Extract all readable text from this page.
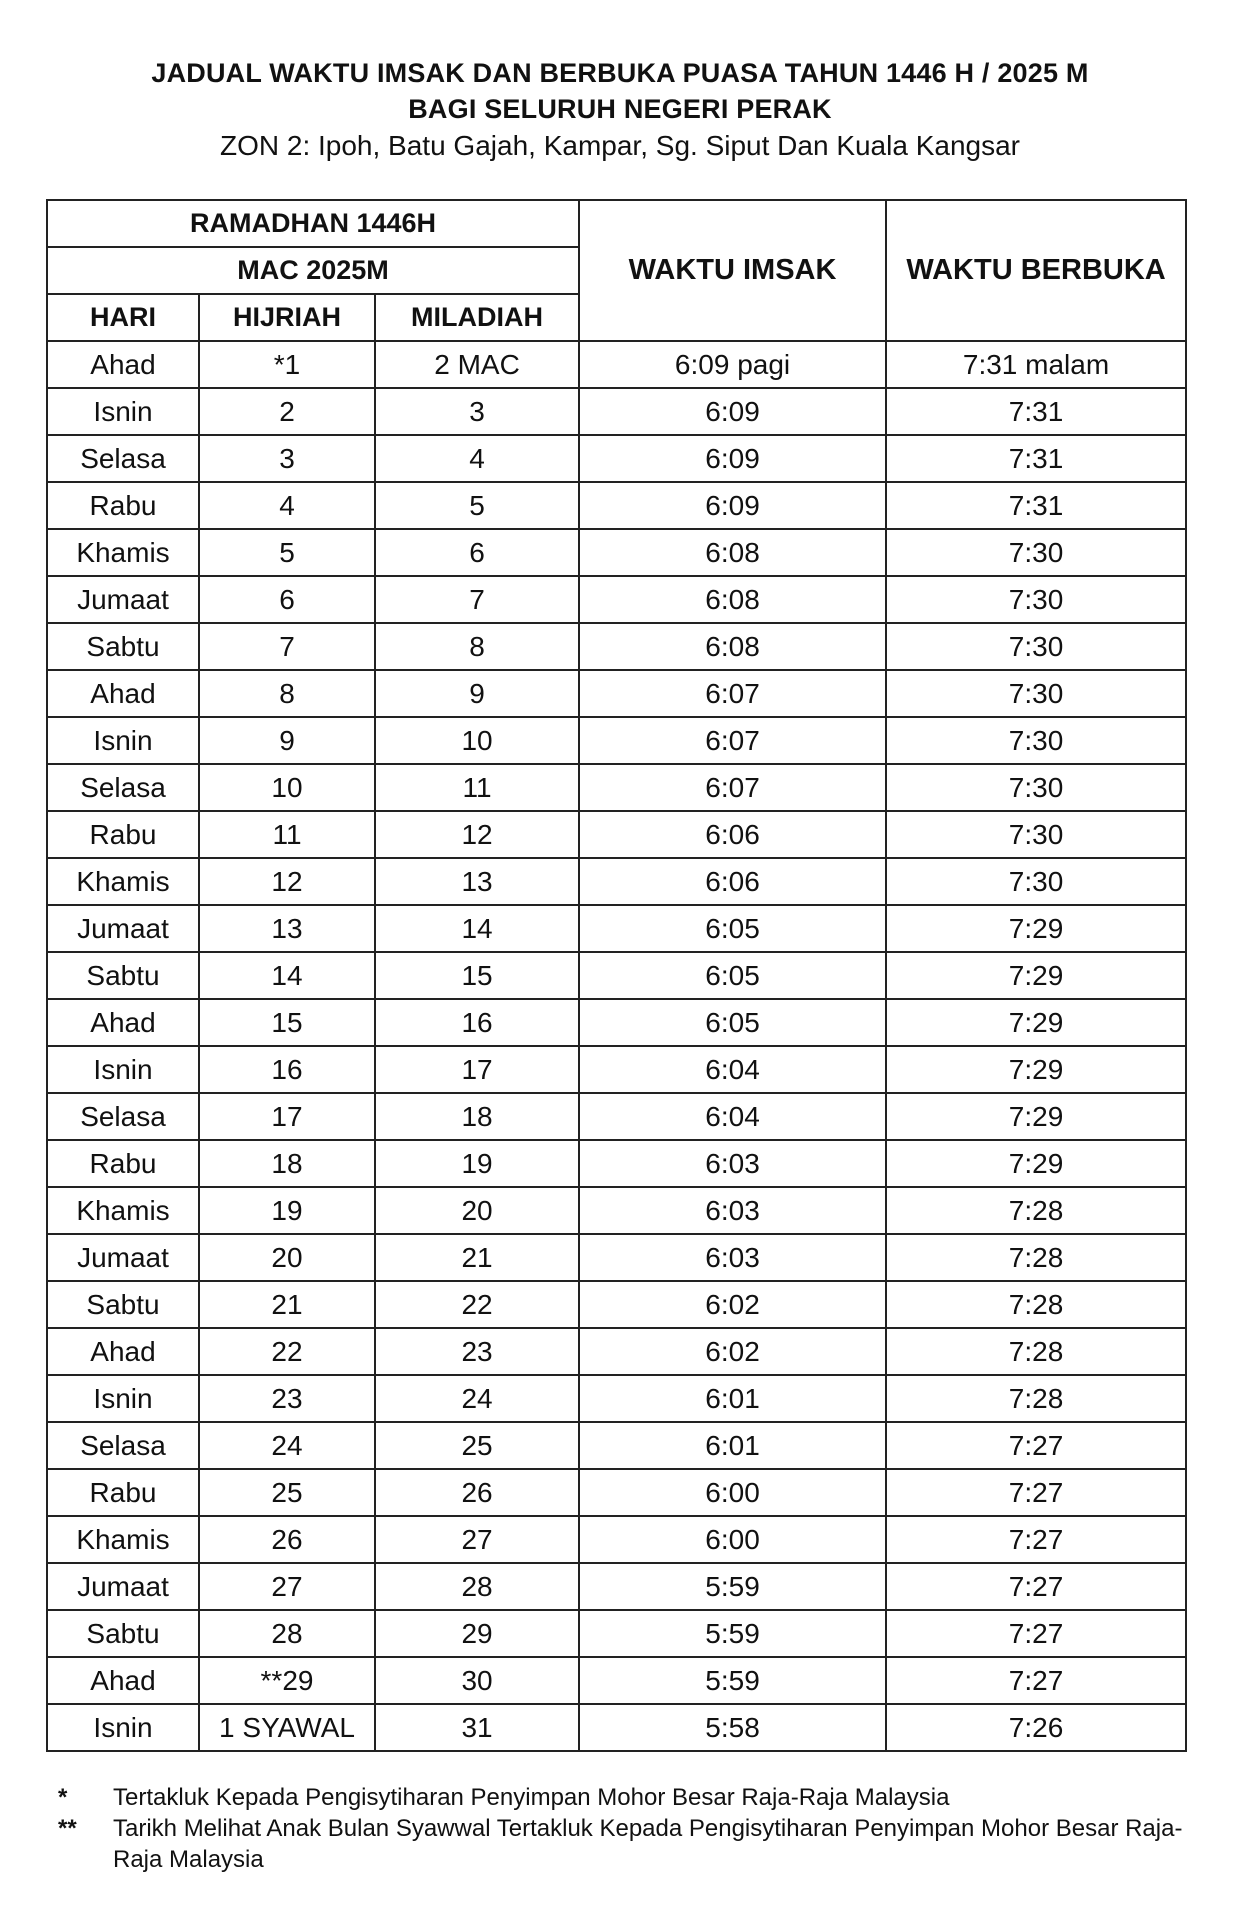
JADUAL WAKTU IMSAK DAN BERBUKA PUASA TAHUN 1446 H / 2025 M
BAGI SELURUH NEGERI PERAK
ZON 2: Ipoh, Batu Gajah, Kampar, Sg. Siput Dan Kuala Kangsar
RAMADHAN 1446H			WAKTU IMSAK	WAKTU BERBUKA
MAC 2025M				
HARI	HIJRIAH	MILADIAH		
Ahad	*1	2 MAC	6:09 pagi	7:31 malam
Isnin	2	3	6:09	7:31
Selasa	3	4	6:09	7:31
Rabu	4	5	6:09	7:31
Khamis	5	6	6:08	7:30
Jumaat	6	7	6:08	7:30
Sabtu	7	8	6:08	7:30
Ahad	8	9	6:07	7:30
Isnin	9	10	6:07	7:30
Selasa	10	11	6:07	7:30
Rabu	11	12	6:06	7:30
Khamis	12	13	6:06	7:30
Jumaat	13	14	6:05	7:29
Sabtu	14	15	6:05	7:29
Ahad	15	16	6:05	7:29
Isnin	16	17	6:04	7:29
Selasa	17	18	6:04	7:29
Rabu	18	19	6:03	7:29
Khamis	19	20	6:03	7:28
Jumaat	20	21	6:03	7:28
Sabtu	21	22	6:02	7:28
Ahad	22	23	6:02	7:28
Isnin	23	24	6:01	7:28
Selasa	24	25	6:01	7:27
Rabu	25	26	6:00	7:27
Khamis	26	27	6:00	7:27
Jumaat	27	28	5:59	7:27
Sabtu	28	29	5:59	7:27
Ahad	**29	30	5:59	7:27
Isnin	1 SYAWAL	31	5:58	7:26
*	Tertakluk Kepada Pengisytiharan Penyimpan Mohor Besar Raja-Raja Malaysia
**	Tarikh Melihat Anak Bulan Syawwal Tertakluk Kepada Pengisytiharan Penyimpan Mohor Besar Raja-Raja Malaysia
